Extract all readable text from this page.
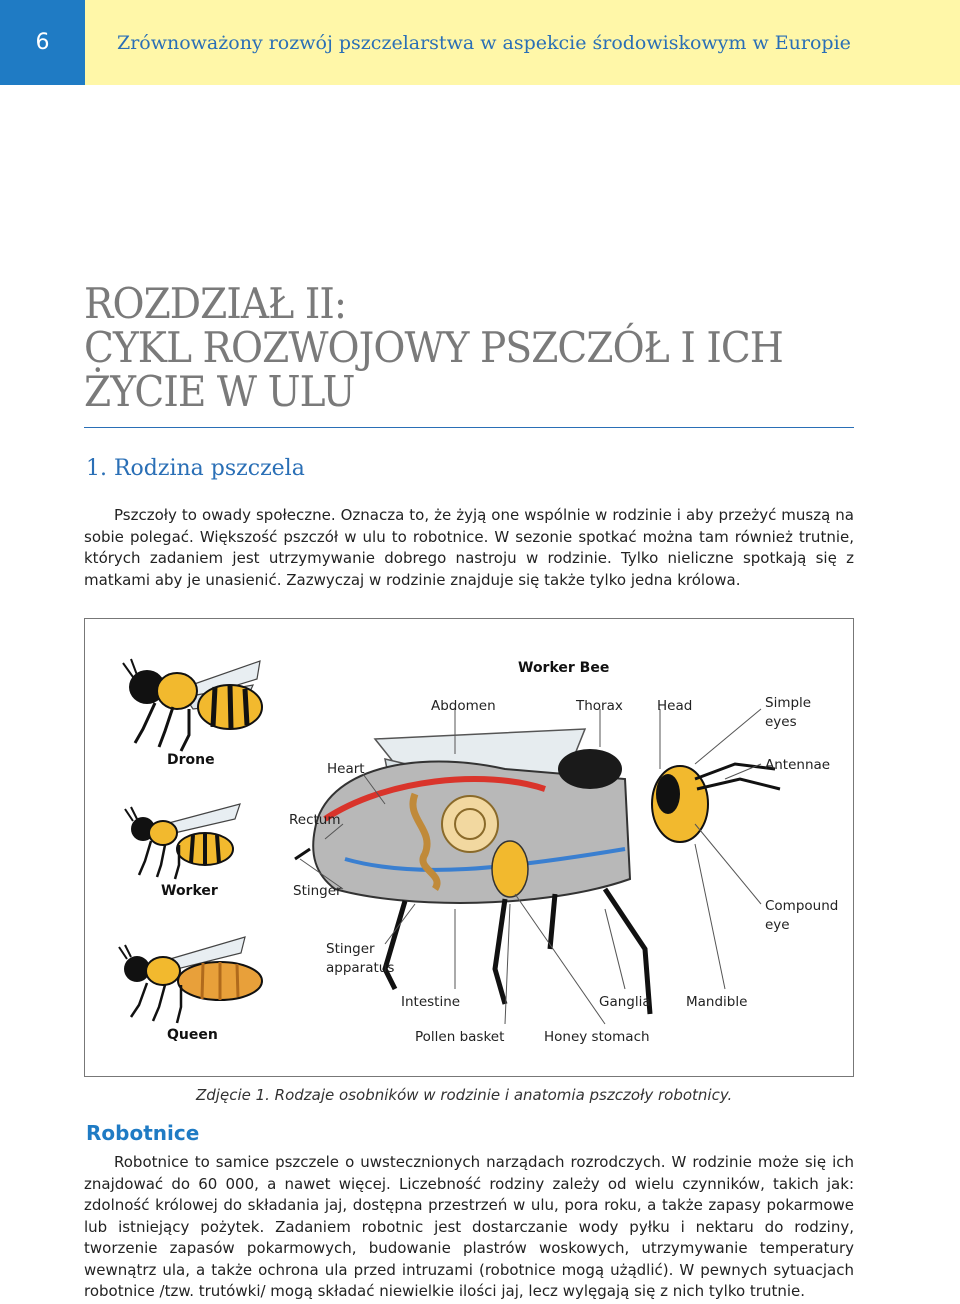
6	Zrównoważony rozwój pszczelarstwa w aspekcie środowiskowym w Europie
ROZDZIAŁ II:
CYKL ROZWOJOWY PSZCZÓŁ I ICH
ŻYCIE W ULU
1. Rodzina pszczela
Pszczoły to owady społeczne. Oznacza to, że żyją one wspólnie w rodzinie i aby przeżyć muszą na sobie polegać. Większość pszczół w ulu to robotnice. W sezonie spotkać można tam również trutnie, których zadaniem jest utrzymywanie dobrego nastroju w rodzinie. Tylko nieliczne spotkają się z matkami aby je unasienić. Zazwyczaj w rodzinie znajduje się także tylko jedna królowa.
Drone
Worker
Queen
Worker Bee
Abdomen	Thorax	Head	Simple
eyes
Antennae
Heart
Rectum
Stinger
Stinger
apparatus
Intestine	Ganglia	Mandible
Compound
eye
Pollen basket	Honey stomach
Zdjęcie 1. Rodzaje osobników w rodzinie i anatomia pszczoły robotnicy.
Robotnice
Robotnice to samice pszczele o uwstecznionych narządach rozrodczych. W rodzinie może się ich znajdować do 60 000, a nawet więcej. Liczebność rodziny zależy od wielu czynników, takich jak: zdolność królowej do składania jaj, dostępna przestrzeń w ulu, pora roku, a także zapasy pokarmowe lub istniejący pożytek. Zadaniem robotnic jest dostarczanie wody pyłku i nektaru do rodziny, tworzenie zapasów pokarmowych, budowanie plastrów woskowych, utrzymywanie temperatury wewnątrz ula, a także ochrona ula przed intruzami (robotnice mogą użądlić). W pewnych sytuacjach robotnice /tzw. trutówki/ mogą składać niewielkie ilości jaj, lecz wylęgają się z nich tylko trutnie.
